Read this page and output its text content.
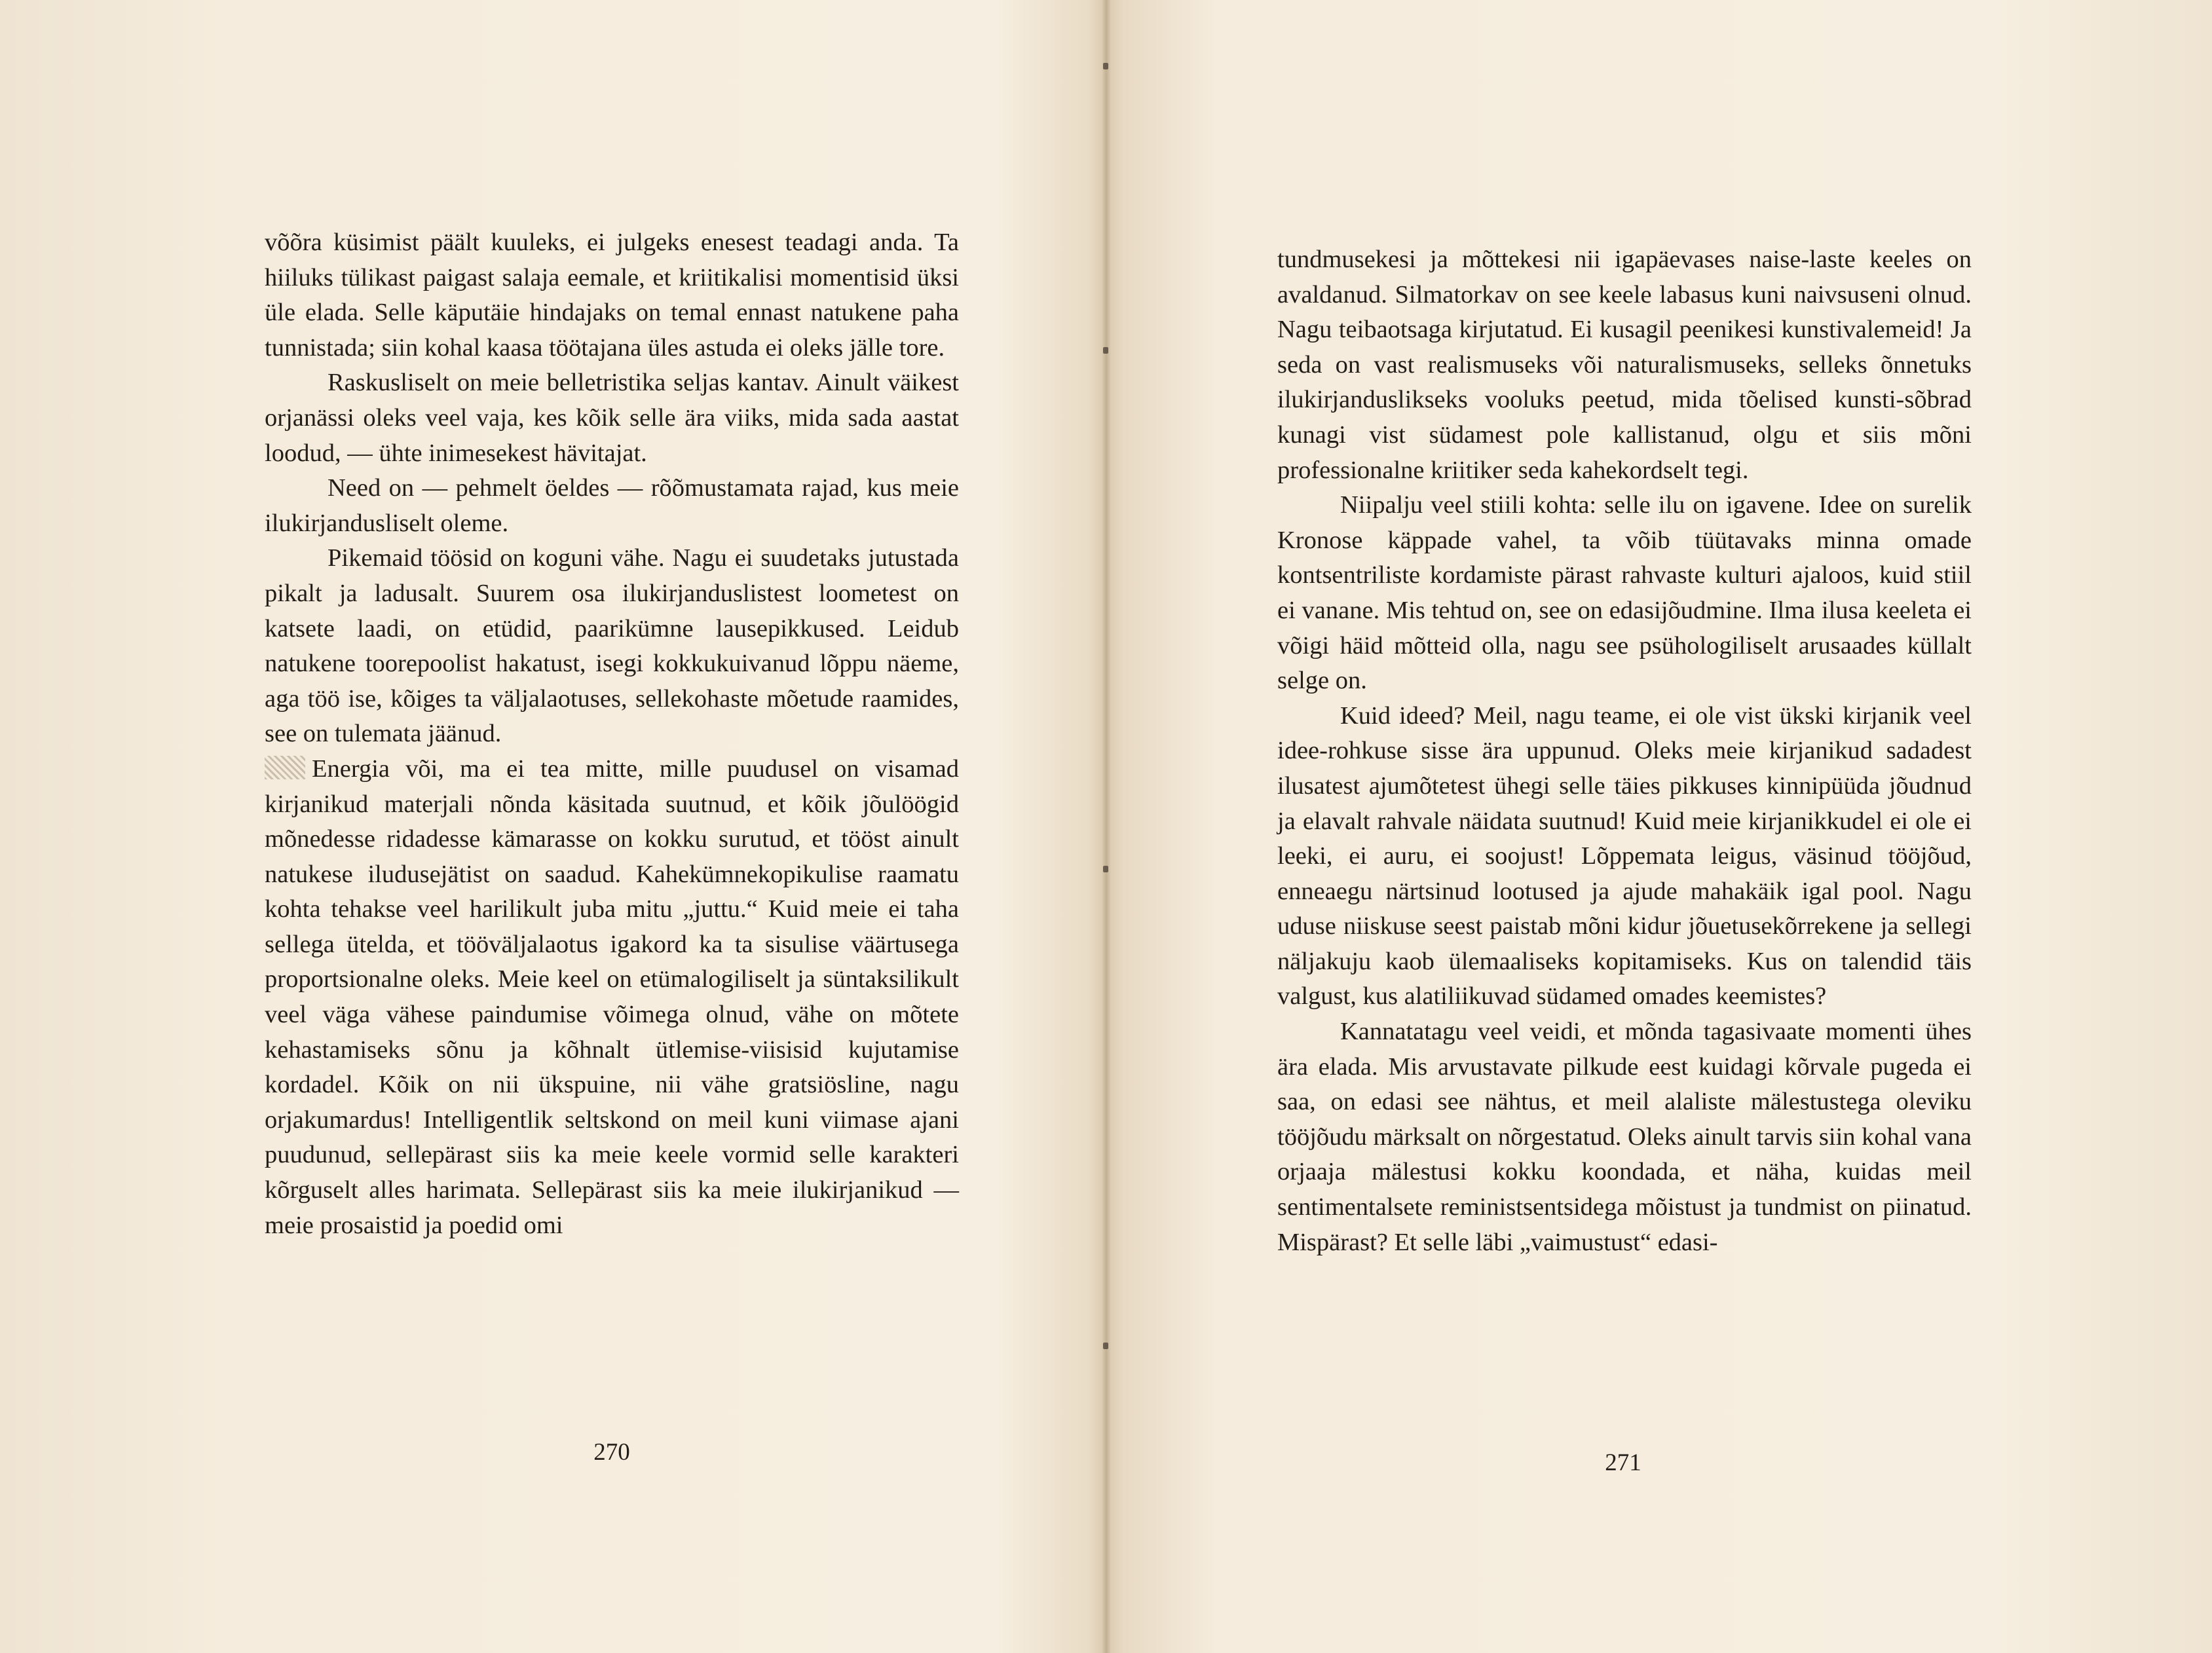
võõra küsimist päält kuuleks, ei julgeks enesest teadagi anda. Ta hiiluks tülikast paigast salaja eemale, et kriitikalisi momentisid üksi üle elada. Selle käputäie hindajaks on temal ennast natukene paha tunnistada; siin kohal kaasa töötajana üles astuda ei oleks jälle tore.

Raskusliselt on meie belletristika seljas kantav. Ainult väikest orjanässi oleks veel vaja, kes kõik selle ära viiks, mida sada aastat loodud, — ühte inimesekest hävitajat.

Need on — pehmelt öeldes — rõõmustamata rajad, kus meie ilukirjandusliselt oleme.

Pikemaid töösid on koguni vähe. Nagu ei suudetaks jutustada pikalt ja ladusalt. Suurem osa ilukirjanduslistest loometest on katsete laadi, on etüdid, paarikümne lausepikkused. Leidub natukene toorepoolist hakatust, isegi kokkukuivanud lõppu näeme, aga töö ise, kõiges ta väljalaotuses, sellekohaste mõetude raamides, see on tulemata jäänud.

Energia või, ma ei tea mitte, mille puudusel on visamad kirjanikud materjali nõnda käsitada suutnud, et kõik jõulöögid mõnedesse ridadesse kämarasse on kokku surutud, et tööst ainult natukese iludusejätist on saadud. Kahekümnekopikulise raamatu kohta tehakse veel harilikult juba mitu „juttu.“ Kuid meie ei taha sellega ütelda, et tööväljalaotus igakord ka ta sisulise väärtusega proportsionalne oleks. Meie keel on etümalogiliselt ja süntaksilikult veel väga vähese paindumise võimega olnud, vähe on mõtete kehastamiseks sõnu ja kõhnalt ütlemise-viisisid kujutamise kordadel. Kõik on nii ükspuine, nii vähe gratsiösline, nagu orjakumardus! Intelligentlik seltskond on meil kuni viimase ajani puudunud, sellepärast siis ka meie keele vormid selle karakteri kõrguselt alles harimata. Sellepärast siis ka meie ilukirjanikud — meie prosaistid ja poedid omi

270

tundmusekesi ja mõttekesi nii igapäevases naise-laste keeles on avaldanud. Silmatorkav on see keele labasus kuni naivsuseni olnud. Nagu teibaotsaga kirjutatud. Ei kusagil peenikesi kunstivalemeid! Ja seda on vast realismuseks või naturalismuseks, selleks õnnetuks ilukirjanduslikseks vooluks peetud, mida tõelised kunsti-sõbrad kunagi vist südamest pole kallistanud, olgu et siis mõni professionalne kriitiker seda kahekordselt tegi.

Niipalju veel stiili kohta: selle ilu on igavene. Idee on surelik Kronose käppade vahel, ta võib tüütavaks minna omade kontsentriliste kordamiste pärast rahvaste kulturi ajaloos, kuid stiil ei vanane. Mis tehtud on, see on edasijõudmine. Ilma ilusa keeleta ei võigi häid mõtteid olla, nagu see psühologiliselt arusaades küllalt selge on.

Kuid ideed? Meil, nagu teame, ei ole vist ükski kirjanik veel idee-rohkuse sisse ära uppunud. Oleks meie kirjanikud sadadest ilusatest ajumõtetest ühegi selle täies pikkuses kinnipüüda jõudnud ja elavalt rahvale näidata suutnud! Kuid meie kirjanikkudel ei ole ei leeki, ei auru, ei soojust! Lõppemata leigus, väsinud tööjõud, enneaegu närtsinud lootused ja ajude mahakäik igal pool. Nagu uduse niiskuse seest paistab mõni kidur jõuetusekõrrekene ja sellegi näljakuju kaob ülemaaliseks kopitamiseks. Kus on talendid täis valgust, kus alatiliikuvad südamed omades keemistes?

Kannatatagu veel veidi, et mõnda tagasivaate momenti ühes ära elada. Mis arvustavate pilkude eest kuidagi kõrvale pugeda ei saa, on edasi see nähtus, et meil alaliste mälestustega oleviku tööjõudu märksalt on nõrgestatud. Oleks ainult tarvis siin kohal vana orjaaja mälestusi kokku koondada, et näha, kuidas meil sentimentalsete reministsentsidega mõistust ja tundmist on piinatud. Mispärast? Et selle läbi „vaimustust“ edasi-

271
